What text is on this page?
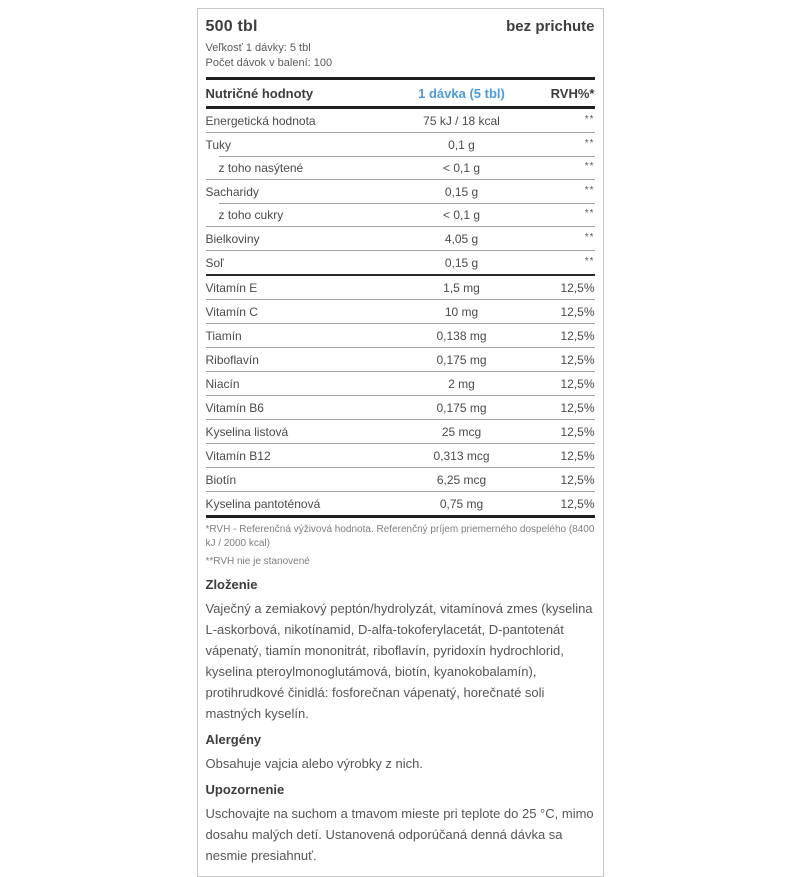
500 tbl	bez prichute
Veľkosť 1 dávky: 5 tbl
Počet dávok v balení: 100
Nutričné hodnoty	1 dávka (5 tbl)	RVH%*
Energetická hodnota	75 kJ / 18 kcal	**
Tuky	0,1 g	**
z toho nasýtené	< 0,1 g	**
Sacharidy	0,15 g	**
z toho cukry	< 0,1 g	**
Bielkoviny	4,05 g	**
Soľ	0,15 g	**
Vitamín E	1,5 mg	12,5%
Vitamín C	10 mg	12,5%
Tiamín	0,138 mg	12,5%
Riboflavín	0,175 mg	12,5%
Niacín	2 mg	12,5%
Vitamín B6	0,175 mg	12,5%
Kyselina listová	25 mcg	12,5%
Vitamín B12	0,313 mcg	12,5%
Biotín	6,25 mcg	12,5%
Kyselina pantoténová	0,75 mg	12,5%
*RVH - Referenčná výživová hodnota. Referenčný príjem priemerného dospelého (8400 kJ / 2000 kcal)
**RVH nie je stanovené
Zloženie
Vaječný a zemiakový peptón/hydrolyzát, vitamínová zmes (kyselina L-askorbová, nikotínamid, D-alfa-tokoferylacetát, D-pantotenát vápenatý, tiamín mononitrát, riboflavín, pyridoxín hydrochlorid, kyselina pteroylmonoglutámová, biotín, kyanokobalamín), protihrudkové činidlá: fosforečnan vápenatý, horečnaté soli mastných kyselín.
Alergény
Obsahuje vajcia alebo výrobky z nich.
Upozornenie
Uschovajte na suchom a tmavom mieste pri teplote do 25 °C, mimo dosahu malých detí. Ustanovená odporúčaná denná dávka sa nesmie presiahnuť.
